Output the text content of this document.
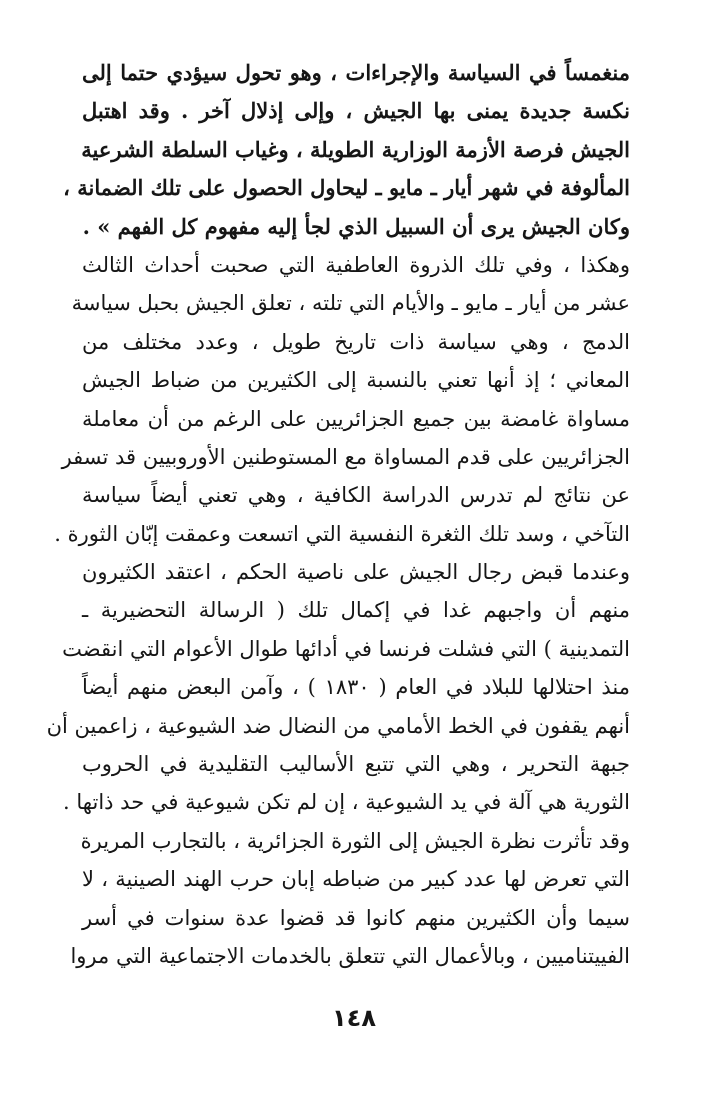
منغمساً في السياسة والإجراءات ، وهو تحول سيؤدي حتما إلى
نكسة جديدة يمنى بها الجيش ، وإلى إذلال آخر . وقد اهتبل
الجيش فرصة الأزمة الوزارية الطويلة ، وغياب السلطة الشرعية
المألوفة في شهر أيار ـ مايو ـ ليحاول الحصول على تلك الضمانة ،
وكان الجيش يرى أن السبيل الذي لجأ إليه مفهوم كل الفهم » .
وهكذا ، وفي تلك الذروة العاطفية التي صحبت أحداث الثالث
عشر من أيار ـ مايو ـ والأيام التي تلته ، تعلق الجيش بحبل سياسة
الدمج ، وهي سياسة ذات تاريخ طويل ، وعدد مختلف من
المعاني ؛ إذ أنها تعني بالنسبة إلى الكثيرين من ضباط الجيش
مساواة غامضة بين جميع الجزائريين على الرغم من أن معاملة
الجزائريين على قدم المساواة مع المستوطنين الأوروبيين قد تسفر
عن نتائج لم تدرس الدراسة الكافية ، وهي تعني أيضاً سياسة
التآخي ، وسد تلك الثغرة النفسية التي اتسعت وعمقت إبّان الثورة .
وعندما قبض رجال الجيش على ناصية الحكم ، اعتقد الكثيرون
منهم أن واجبهم غدا في إكمال تلك ( الرسالة التحضيرية ـ
التمدينية ) التي فشلت فرنسا في أدائها طوال الأعوام التي انقضت
منذ احتلالها للبلاد في العام ( ١٨٣٠ ) ، وآمن البعض منهم أيضاً
أنهم يقفون في الخط الأمامي من النضال ضد الشيوعية ، زاعمين أن
جبهة التحرير ، وهي التي تتبع الأساليب التقليدية في الحروب
الثورية هي آلة في يد الشيوعية ، إن لم تكن شيوعية في حد ذاتها .
وقد تأثرت نظرة الجيش إلى الثورة الجزائرية ، بالتجارب المريرة
التي تعرض لها عدد كبير من ضباطه إبان حرب الهند الصينية ، لا
سيما وأن الكثيرين منهم كانوا قد قضوا عدة سنوات في أسر
الفييتناميين ، وبالأعمال التي تتعلق بالخدمات الاجتماعية التي مروا
١٤٨
